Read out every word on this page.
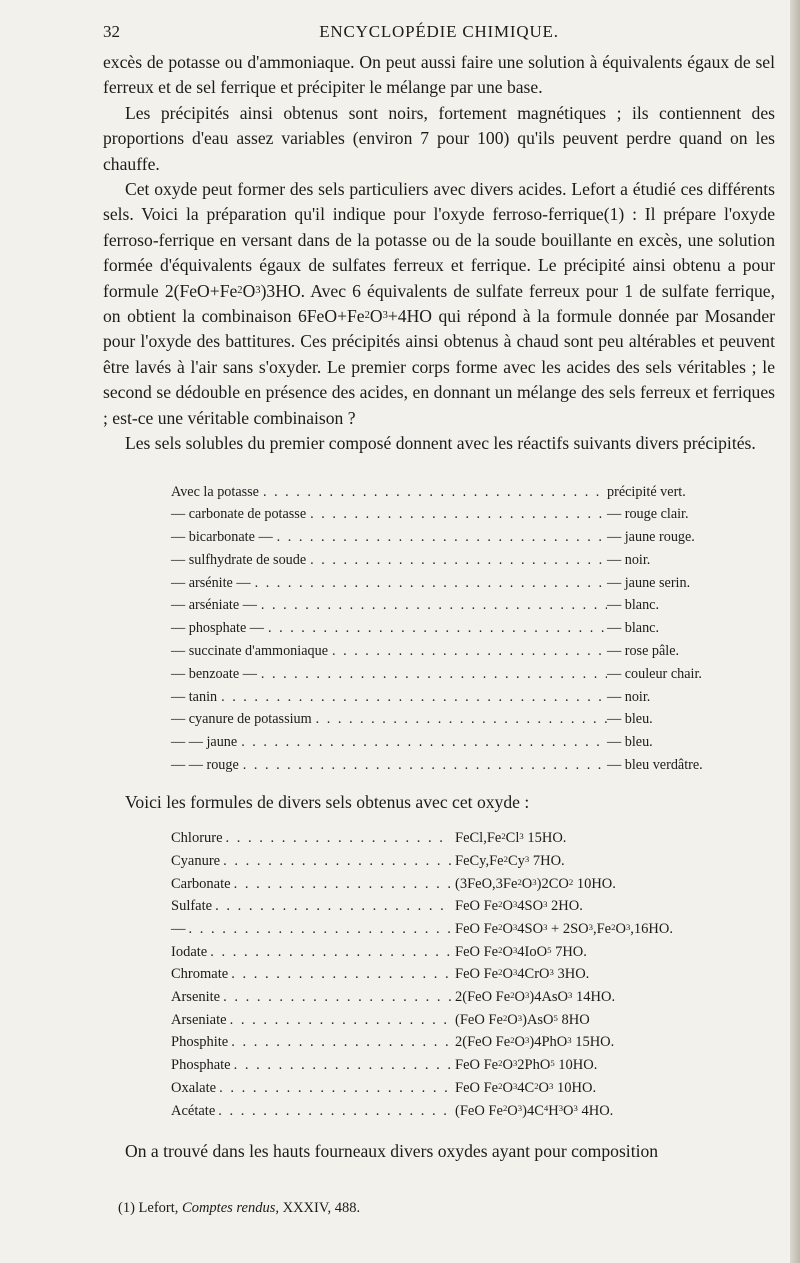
32	ENCYCLOPÉDIE CHIMIQUE.

excès de potasse ou d'ammoniaque. On peut aussi faire une solution à équivalents égaux de sel ferreux et de sel ferrique et précipiter le mélange par une base.

Les précipités ainsi obtenus sont noirs, fortement magnétiques ; ils contiennent des proportions d'eau assez variables (environ 7 pour 100) qu'ils peuvent perdre quand on les chauffe.

Cet oxyde peut former des sels particuliers avec divers acides. Lefort a étudié ces différents sels. Voici la préparation qu'il indique pour l'oxyde ferroso-ferrique(1) : Il prépare l'oxyde ferroso-ferrique en versant dans de la potasse ou de la soude bouillante en excès, une solution formée d'équivalents égaux de sulfates ferreux et ferrique. Le précipité ainsi obtenu a pour formule $2(FeO+Fe^2O^3)3HO$. Avec 6 équivalents de sulfate ferreux pour 1 de sulfate ferrique, on obtient la combinaison $6FeO+Fe^2O^3+4HO$ qui répond à la formule donnée par Mosander pour l'oxyde des battitures. Ces précipités ainsi obtenus à chaud sont peu altérables et peuvent être lavés à l'air sans s'oxyder. Le premier corps forme avec les acides des sels véritables ; le second se dédouble en présence des acides, en donnant un mélange des sels ferreux et ferriques ; est-ce une véritable combinaison ?

Les sels solubles du premier composé donnent avec les réactifs suivants divers précipités.

Avec la potasse . . .	précipité vert.
— carbonate de potasse . . .	— rouge clair.
— bicarbonate — . . .	— jaune rouge.
— sulfhydrate de soude . . .	— noir.
— arsénite — . . .	— jaune serin.
— arséniate — . . .	— blanc.
— phosphate — . . .	— blanc.
— succinate d'ammoniaque . . .	— rose pâle.
— benzoate — . . .	— couleur chair.
— tanin . . .	— noir.
— cyanure de potassium . . .	— bleu.
— — jaune . . .	— bleu.
— — rouge . . .	— bleu verdâtre.

Voici les formules de divers sels obtenus avec cet oxyde :

Chlorure . . .	FeCl,Fe$^2$Cl$^3$ 15HO.
Cyanure . . .	FeCy,Fe$^2$Cy$^3$ 7HO.
Carbonate . . .	$(3FeO,3Fe^2O^3)2CO^2$ 10HO.
Sulfate . . .	FeO $Fe^2O^34SO^3$ 2HO.
— . . .	FeO $Fe^2O^34SO^3 + 2SO^3,Fe^2O^3,16HO$.
Iodate . . .	FeO $Fe^2O^34IoO^5$ 7HO.
Chromate . . .	FeO $Fe^2O^34CrO^3$ 3HO.
Arsenite . . .	2(FeO $Fe^2O^3)4AsO^3$ 14HO.
Arseniate . . .	(FeO $Fe^2O^3)AsO^5$ 8HO
Phosphite . . .	2(FeO $Fe^2O^3)4PhO^3$ 15HO.
Phosphate . . .	FeO $Fe^2O^32PhO^5$ 10HO.
Oxalate . . .	FeO $Fe^2O^34C^2O^3$ 10HO.
Acétate . . .	(FeO $Fe^2O^3)4C^4H^3O^3$ 4HO.

On a trouvé dans les hauts fourneaux divers oxydes ayant pour composition

(1) Lefort, Comptes rendus, XXXIV, 488.
